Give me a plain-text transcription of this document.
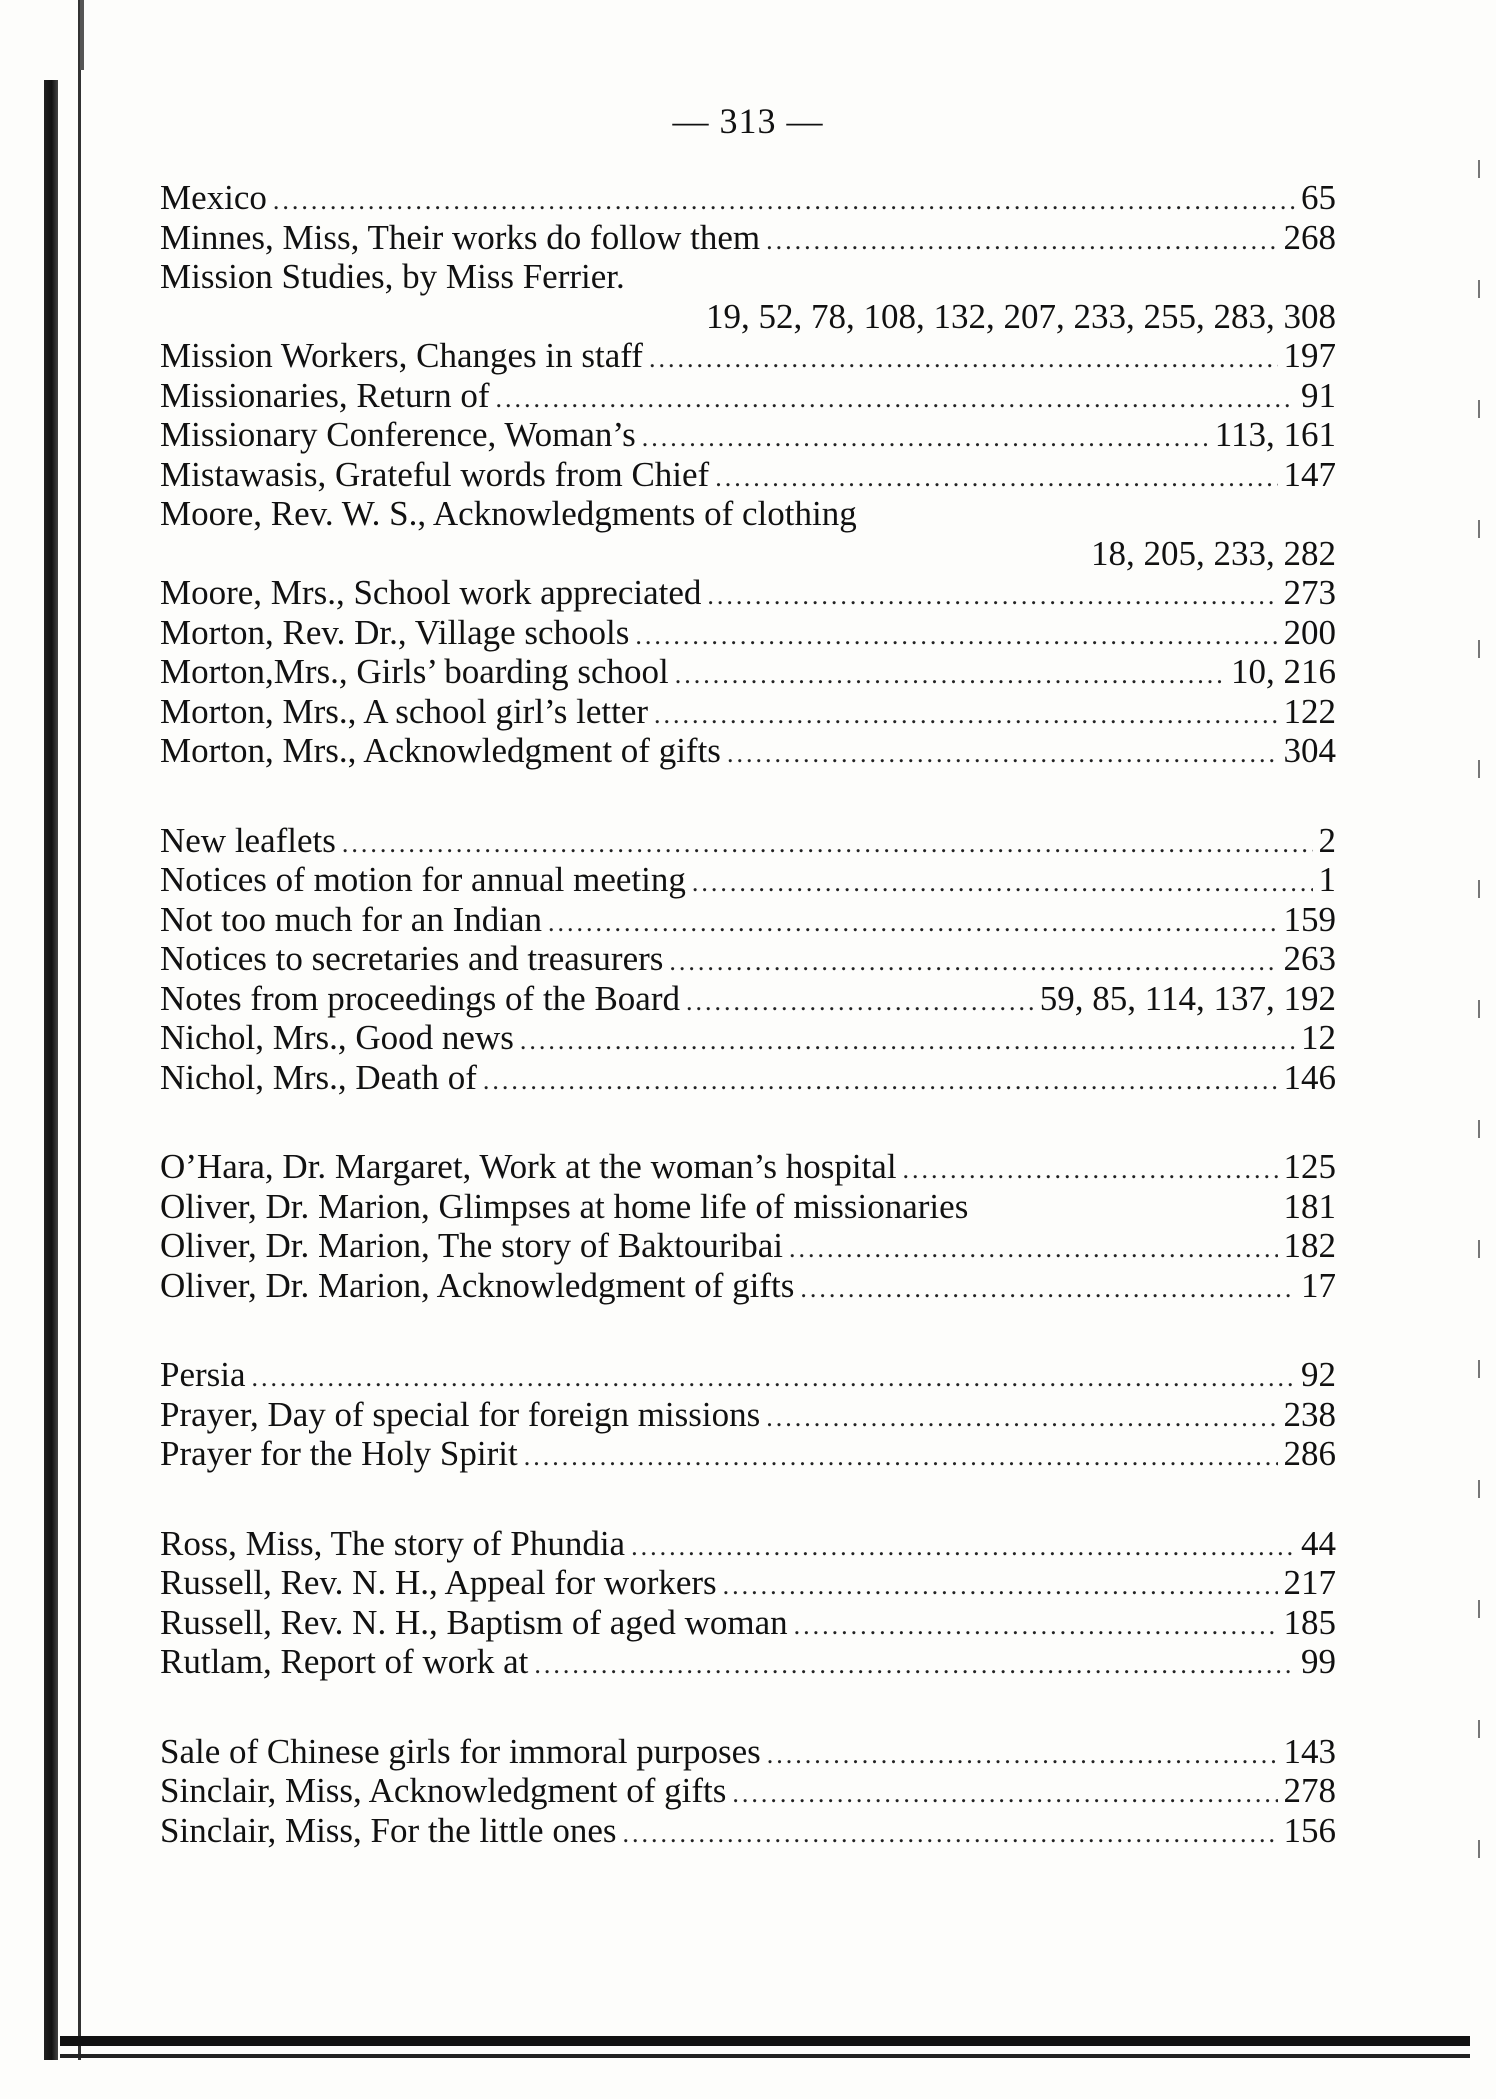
— 313 —
Mexico .....	65
Minnes, Miss, Their works do follow them .....	268
Mission Studies, by Miss Ferrier.
19, 52, 78, 108, 132, 207, 233, 255, 283, 308
Mission Workers, Changes in staff .....	197
Missionaries, Return of .....	91
Missionary Conference, Woman’s .....	113, 161
Mistawasis, Grateful words from Chief .....	147
Moore, Rev. W. S., Acknowledgments of clothing
18, 205, 233, 282
Moore, Mrs., School work appreciated .....	273
Morton, Rev. Dr., Village schools .....	200
Morton,Mrs., Girls’ boarding school .....	10, 216
Morton, Mrs., A school girl’s letter .....	122
Morton, Mrs., Acknowledgment of gifts .....	304
New leaflets .....	2
Notices of motion for annual meeting .....	1
Not too much for an Indian .....	159
Notices to secretaries and treasurers .....	263
Notes from proceedings of the Board .....	59, 85, 114, 137, 192
Nichol, Mrs., Good news .....	12
Nichol, Mrs., Death of .....	146
O’Hara, Dr. Margaret, Work at the woman’s hospital .....	125
Oliver, Dr. Marion, Glimpses at home life of missionaries	181
Oliver, Dr. Marion, The story of Baktouribai .....	182
Oliver, Dr. Marion, Acknowledgment of gifts .....	17
Persia .....	92
Prayer, Day of special for foreign missions .....	238
Prayer for the Holy Spirit .....	286
Ross, Miss, The story of Phundia .....	44
Russell, Rev. N. H., Appeal for workers .....	217
Russell, Rev. N. H., Baptism of aged woman .....	185
Rutlam, Report of work at .....	99
Sale of Chinese girls for immoral purposes .....	143
Sinclair, Miss, Acknowledgment of gifts .....	278
Sinclair, Miss, For the little ones .....	156
